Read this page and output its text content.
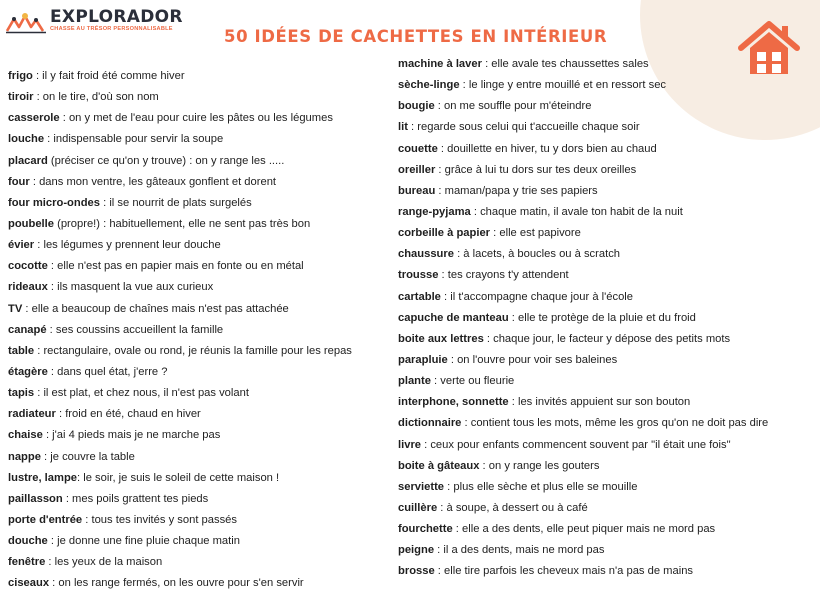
EXPLORADOR
CHASSE AU TRÉSOR PERSONNALISABLE	50 IDÉES DE CACHETTES EN INTÉRIEUR
frigo : il y fait froid été comme hiver
tiroir : on le tire, d'où son nom
casserole : on y met de l'eau pour cuire les pâtes ou les légumes
louche : indispensable pour servir la soupe
placard (préciser ce qu'on y trouve) : on y range les .....
four : dans mon ventre, les gâteaux gonflent et dorent
four micro-ondes : il se nourrit de plats surgelés
poubelle (propre!) : habituellement, elle ne sent pas très bon
évier : les légumes y prennent leur douche
cocotte : elle n'est pas en papier mais en fonte ou en métal
rideaux : ils masquent la vue aux curieux
TV : elle a beaucoup de chaînes mais n'est pas attachée
canapé : ses coussins accueillent la famille
table : rectangulaire, ovale ou rond, je réunis la famille pour les repas
étagère : dans quel état, j'erre ?
tapis : il est plat, et chez nous, il n'est pas volant
radiateur : froid en été, chaud en hiver
chaise : j'ai 4 pieds mais je ne marche pas
nappe : je couvre la table
lustre, lampe: le soir, je suis le soleil de cette maison !
paillasson : mes poils grattent tes pieds
porte d'entrée : tous tes invités y sont passés
douche : je donne une fine pluie chaque matin
fenêtre : les yeux de la maison
ciseaux : on les range fermés, on les ouvre pour s'en servir
machine à laver : elle avale tes chaussettes sales
sèche-linge : le linge y entre mouillé et en ressort sec
bougie : on me souffle pour m'éteindre
lit : regarde sous celui qui t'accueille chaque soir
couette : douillette en hiver, tu y dors bien au chaud
oreiller : grâce à lui tu dors sur tes deux oreilles
bureau : maman/papa y trie ses papiers
range-pyjama : chaque matin, il avale ton habit de la nuit
corbeille à papier : elle est papivore
chaussure : à lacets, à boucles ou à scratch
trousse : tes crayons t'y attendent
cartable : il t'accompagne chaque jour à l'école
capuche de manteau : elle te protège de la pluie et du froid
boite aux lettres : chaque jour, le facteur y dépose des petits mots
parapluie : on l'ouvre pour voir ses baleines
plante : verte ou fleurie
interphone, sonnette : les invités appuient sur son bouton
dictionnaire : contient tous les mots, même les gros qu'on ne doit pas dire
livre : ceux pour enfants commencent souvent par "il était une fois"
boite à gâteaux : on y range les gouters
serviette : plus elle sèche et plus elle se mouille
cuillère : à soupe, à dessert ou à café
fourchette : elle a des dents, elle peut piquer mais ne mord pas
peigne : il a des dents, mais ne mord pas
brosse : elle tire parfois les cheveux mais n'a pas de mains
